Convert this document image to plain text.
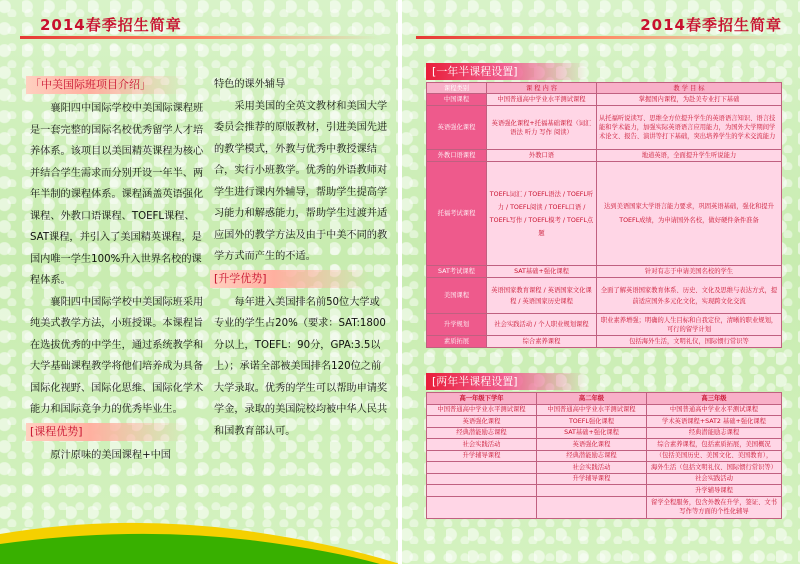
2014春季招生简章
「中美国际班项目介绍」
襄阳四中国际学校中美国际课程班是一套完整的国际名校优秀留学人才培养体系。该项目以美国精英课程为核心并结合学生需求而分别开设一年半、两年半制的课程体系。课程涵盖英语强化课程、外教口语课程、TOEFL课程、SAT课程，并引入了美国精英课程，是国内唯一学生100%升入世界名校的课程体系。
襄阳四中国际学校中美国际班采用纯美式教学方法，小班授课。本课程旨在选拔优秀的中学生，通过系统教学和大学基础课程教学将他们培养成为具备国际化视野、国际化思维、国际化学术能力和国际竞争力的优秀毕业生。
[课程优势]
原汁原味的美国课程+中国
特色的课外辅导
采用美国的全英文教材和美国大学委员会推荐的原版教材，引进美国先进的教学模式，外教与优秀中教授课结合，实行小班教学。优秀的外语教师对学生进行课内外辅导，帮助学生提高学习能力和解惑能力，帮助学生过渡并适应国外的教学方法及由于中美不同的教学方式而产生的不适。
[升学优势]
每年进入美国排名前50位大学或专业的学生占20%（要求：SAT:1800分以上，TOEFL：90分，GPA:3.5以上）；承诺全部被美国排名120位之前大学录取。优秀的学生可以帮助申请奖学金，录取的美国院校均被中华人民共和国教育部认可。
2014春季招生简章
[一年半课程设置]
课程类别	课 程 内 容	教 学 目 标
中国课程	中国普通高中学业水平测试课程	掌握国内课程，为赴美专业打下基础
英语强化课程	英语强化课程+托福基础课程（词汇 语法 听力 写作 阅读）	从托福听说读写、思维全方位提升学生的英语语言知识、语言技能和学术能力，加强实际英语语言应用能力，为国外大学期间学术论文、报告、演讲等打下基础，突出培养学生的学术交流能力
外教口语课程	外教口语	地道英语，全面提升学生听说能力
托福考试课程	TOEFL词汇 / TOEFL语法 / TOEFL听力 / TOEFL阅读 / TOEFL口语 / TOEFL写作 / TOEFL模考 / TOEFL点题	达到美语国家大学语言能力要求，巩固英语基础，强化和提升TOEFL成绩，为申请国外名校，做好硬件条件准备
SAT考试课程	SAT基础+强化课程	针对有志于申请美国名校的学生
美国课程	英语国家教育课程 / 英语国家文化课程 / 英语国家历史课程	全面了解英语国家教育体系、历史、文化及思维与表达方式，提前适应国外多元化文化，实现跨文化交流
升学规划	社会实践活动 / 个人职业规划课程	职业素养增强；明确的人生目标和自我定位，清晰的职业规划，可行的留学计划
素质拓展	综合素养课程	包括海外生活，文明礼仪，国际惯行常识等
[两年半课程设置]
高一年级下学年	高二年级	高三年级
中国普通高中学业水平测试课程	中国普通高中学业水平测试课程	中国普通高中学业水平测试课程
英语强化课程	TOEFL强化课程	学术英语课程+SAT2 基础+强化课程
经典潜能励志课程	SAT基础+强化课程	经典潜能励志课程
社会实践活动	英语强化课程	综合素养课程，包括素质拓展，美国概况
升学辅导课程	经典潜能励志课程	（包括美国历史、美国文化、美国教育），
	社会实践活动	海外生活（包括文明礼仪、国际惯行常识等）
	升学辅导课程	社会实践活动
		升学辅导课程
		留学全程服务，包含外教在升学，签证、文书写作等方面的个性化辅导
